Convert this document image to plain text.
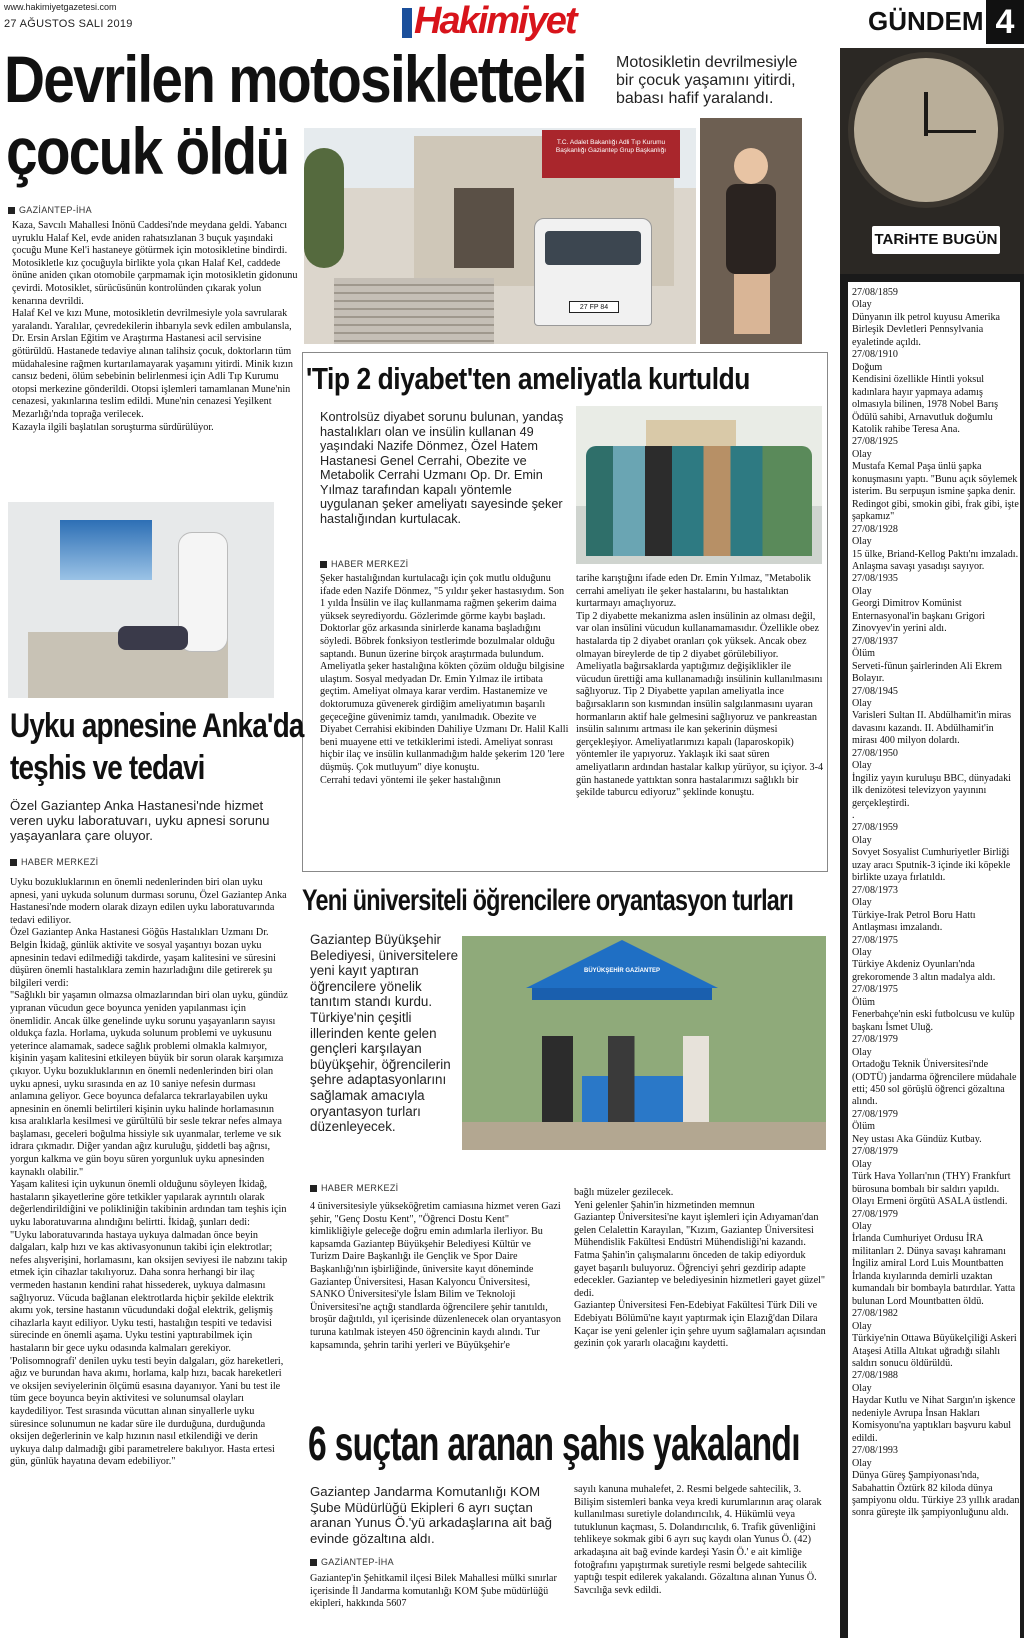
www.hakimiyetgazetesi.com
27 AĞUSTOS SALI 2019	Hakimiyet	GÜNDEM 4
Devrilen motosikletteki
çocuk öldü
Motosikletin devrilmesiyle bir çocuk yaşamını yitirdi, babası hafif yaralandı.
GAZİANTEP-İHA
Kaza, Savcılı Mahallesi İnönü Caddesi'nde meydana geldi. Yabancı uyruklu Halaf Kel, evde aniden rahatsızlanan 3 buçuk yaşındaki çocuğu Mune Kel'i hastaneye götürmek için motosikletine bindirdi. Motosikletle kız çocuğuyla birlikte yola çıkan Halaf Kel, caddede önüne aniden çıkan otomobile çarpmamak için motosikletin gidonunu çevirdi. Motosiklet, sürücüsünün kontrolünden çıkarak yolun kenarına devrildi.
Halaf Kel ve kızı Mune, motosikletin devrilmesiyle yola savrularak yaralandı. Yaralılar, çevredekilerin ihbarıyla sevk edilen ambulansla, Dr. Ersin Arslan Eğitim ve Araştırma Hastanesi acil servisine götürüldü. Hastanede tedaviye alınan talihsiz çocuk, doktorların tüm müdahalesine rağmen kurtarılamayarak yaşamını yitirdi. Minik kızın cansız bedeni, ölüm sebebinin belirlenmesi için Adli Tıp Kurumu otopsi merkezine gönderildi. Otopsi işlemleri tamamlanan Mune'nin cenazesi, yakınlarına teslim edildi. Mune'nin cenazesi Yeşilkent Mezarlığı'nda toprağa verilecek.
Kazayla ilgili başlatılan soruşturma sürdürülüyor.
T.C. Adalet Bakanlığı Adli Tıp Kurumu Başkanlığı Gaziantep Grup Başkanlığı
27 FP 84
TARiHTE BUGÜN
27/08/1859
Olay
Dünyanın ilk petrol kuyusu Amerika Birleşik Devletleri Pennsylvania eyaletinde açıldı.
27/08/1910
Doğum
Kendisini özellikle Hintli yoksul kadınlara hayır yapmaya adamış olmasıyla bilinen, 1978 Nobel Barış Ödülü sahibi, Arnavutluk doğumlu Katolik rahibe Teresa Ana.
27/08/1925
Olay
Mustafa Kemal Paşa ünlü şapka konuşmasını yaptı. "Bunu açık söylemek isterim. Bu serpuşun ismine şapka denir. Redingot gibi, smokin gibi, frak gibi, işte şapkamız"
27/08/1928
Olay
15 ülke, Briand-Kellog Paktı'nı imzaladı. Anlaşma savaşı yasadışı sayıyor.
27/08/1935
Olay
Georgi Dimitrov Komünist Enternasyonal'in başkanı Grigori Zinovyev'in yerini aldı.
27/08/1937
Ölüm
Serveti-fünun şairlerinden Ali Ekrem Bolayır.
27/08/1945
Olay
Varisleri Sultan II. Abdülhamit'in miras davasını kazandı. II. Abdülhamit'in mirası 400 milyon dolardı.
27/08/1950
Olay
İngiliz yayın kuruluşu BBC, dünyadaki ilk denizötesi televizyon yayınını gerçekleştirdi.
.
27/08/1959
Olay
Sovyet Sosyalist Cumhuriyetler Birliği uzay aracı Sputnik-3 içinde iki köpekle birlikte uzaya fırlatıldı.
27/08/1973
Olay
Türkiye-Irak Petrol Boru Hattı Antlaşması imzalandı.
27/08/1975
Olay
Türkiye Akdeniz Oyunları'nda grekoromende 3 altın madalya aldı.
27/08/1975
Ölüm
Fenerbahçe'nin eski futbolcusu ve kulüp başkanı İsmet Uluğ.
27/08/1979
Olay
Ortadoğu Teknik Üniversitesi'nde (ODTÜ) jandarma öğrencilere müdahale etti; 450 sol görüşlü öğrenci gözaltına alındı.
27/08/1979
Ölüm
Ney ustası Aka Gündüz Kutbay.
27/08/1979
Olay
Türk Hava Yolları'nın (THY) Frankfurt bürosuna bombalı bir saldırı yapıldı. Olayı Ermeni örgütü ASALA üstlendi.
27/08/1979
Olay
İrlanda Cumhuriyet Ordusu İRA militanları 2. Dünya savaşı kahramanı İngiliz amiral Lord Luis Mountbatten İrlanda kıyılarında demirli uzaktan kumandalı bir bombayla batırdılar. Yatta bulunan Lord Mountbatten öldü.
27/08/1982
Olay
Türkiye'nin Ottawa Büyükelçiliği Askeri Ataşesi Atilla Altıkat uğradığı silahlı saldırı sonucu öldürüldü.
27/08/1988
Olay
Haydar Kutlu ve Nihat Sargın'ın işkence nedeniyle Avrupa İnsan Hakları Komisyonu'na yaptıkları başvuru kabul edildi.
27/08/1993
Olay
Dünya Güreş Şampiyonası'nda, Sabahattin Öztürk 82 kiloda dünya şampiyonu oldu. Türkiye 23 yıllık aradan sonra güreşte ilk şampiyonluğunu aldı.
'Tip 2 diyabet'ten ameliyatla kurtuldu
Kontrolsüz diyabet sorunu bulunan, yandaş hastalıkları olan ve insülin kullanan 49 yaşındaki Nazife Dönmez, Özel Hatem Hastanesi Genel Cerrahi, Obezite ve Metabolik Cerrahi Uzmanı Op. Dr. Emin Yılmaz tarafından kapalı yöntemle uygulanan şeker ameliyatı sayesinde şeker hastalığından kurtulacak.
HABER MERKEZİ
Şeker hastalığından kurtulacağı için çok mutlu olduğunu ifade eden Nazife Dönmez, "5 yıldır şeker hastasıydım. Son 1 yılda İnsülin ve ilaç kullanmama rağmen şekerim daima yüksek seyrediyordu. Gözlerimde görme kaybı başladı. Doktorlar göz arkasında sinirlerde kanama başladığını söyledi. Böbrek fonksiyon testlerimde bozulmalar olduğu saptandı. Bunun üzerine birçok araştırmada bulundum. Ameliyatla şeker hastalığına kökten çözüm olduğu bilgisine ulaştım. Sosyal medyadan Dr. Emin Yılmaz ile irtibata geçtim. Ameliyat olmaya karar verdim. Hastanemize ve doktorumuza güvenerek girdiğim ameliyatımın başarılı geçeceğine güvenimiz tamdı, yanılmadık. Obezite ve Diyabet Cerrahisi ekibinden Dahiliye Uzmanı Dr. Halil Kalli beni muayene etti ve tetkiklerimi istedi. Ameliyat sonrası hiçbir ilaç ve insülin kullanmadığım halde şekerim 120 'lere düşmüş. Çok mutluyum" diye konuştu.
Cerrahi tedavi yöntemi ile şeker hastalığının
tarihe karıştığını ifade eden Dr. Emin Yılmaz, "Metabolik cerrahi ameliyatı ile şeker hastalarını, bu hastalıktan kurtarmayı amaçlıyoruz.
Tip 2 diyabette mekanizma aslen insülinin az olması değil, var olan insülini vücudun kullanamamasıdır. Özellikle obez hastalarda tip 2 diyabet oranları çok yüksek. Ancak obez olmayan bireylerde de tip 2 diyabet görülebiliyor. Ameliyatla bağırsaklarda yaptığımız değişiklikler ile vücudun ürettiği ama kullanamadığı insülinin kullanılmasını sağlıyoruz. Tip 2 Diyabette yapılan ameliyatla ince bağırsakların son kısmından insülin salgılanmasını uyaran hormanların aktif hale gelmesini sağlıyoruz ve pankreastan insülin salınımı artması ile kan şekerinin düşmesi gerçekleşiyor. Ameliyatlarımızı kapalı (laparoskopik) yöntemler ile yapıyoruz. Yaklaşık iki saat süren ameliyatların ardından hastalar kalkıp yürüyor, su içiyor. 3-4 gün hastanede yattıktan sonra hastalarımızı sağlıklı bir şekilde taburcu ediyoruz" şeklinde konuştu.
Uyku apnesine Anka'da
teşhis ve tedavi
Özel Gaziantep Anka Hastanesi'nde hizmet veren uyku laboratuvarı, uyku apnesi sorunu yaşayanlara çare oluyor.
HABER MERKEZİ
Uyku bozukluklarının en önemli nedenlerinden biri olan uyku apnesi, yani uykuda solunum durması sorunu, Özel Gaziantep Anka Hastanesi'nde modern olarak dizayn edilen uyku laboratuvarında tedavi ediliyor.
Özel Gaziantep Anka Hastanesi Göğüs Hastalıkları Uzmanı Dr. Belgin İkidağ, günlük aktivite ve sosyal yaşantıyı bozan uyku apnesinin tedavi edilmediği takdirde, yaşam kalitesini ve süresini düşüren önemli hastalıklara zemin hazırladığını dile getirerek şu bilgileri verdi:
"Sağlıklı bir yaşamın olmazsa olmazlarından biri olan uyku, gündüz yıpranan vücudun gece boyunca yeniden yapılanması için önemlidir. Ancak ülke genelinde uyku sorunu yaşayanların sayısı oldukça fazla. Horlama, uykuda solunum problemi ve uykusunu yeterince alamamak, sadece sağlık problemi olmakla kalmıyor, kişinin yaşam kalitesini etkileyen büyük bir sorun olarak karşımıza çıkıyor. Uyku bozukluklarının en önemli nedenlerinden biri olan uyku apnesi, uyku sırasında en az 10 saniye nefesin durması anlamına geliyor. Gece boyunca defalarca tekrarlayabilen uyku apnesinin en önemli belirtileri kişinin uyku halinde horlamasının kısa aralıklarla kesilmesi ve gürültülü bir sesle tekrar nefes almaya başlaması, geceleri boğulma hissiyle sık uyanmalar, terleme ve sık idrara çıkmadır. Diğer yandan ağız kuruluğu, şiddetli baş ağrısı, yorgun kalkma ve gün boyu süren yorgunluk uyku apnesinden kaynaklı olabilir."
Yaşam kalitesi için uykunun önemli olduğunu söyleyen İkidağ, hastaların şikayetlerine göre tetkikler yapılarak ayrıntılı olarak değerlendirildiğini ve polikliniğin takibinin ardından tam teşhis için uyku laboratuvarına alındığını belirtti. İkidağ, şunları dedi:
"Uyku laboratuvarında hastaya uykuya dalmadan önce beyin dalgaları, kalp hızı ve kas aktivasyonunun takibi için elektrotlar; nefes alışverişini, horlamasını, kan oksijen seviyesi ile nabzını takip etmek için cihazlar takılıyoruz. Daha sonra herhangi bir ilaç vermeden hastanın kendini rahat hissederek, uykuya dalmasını sağlıyoruz. Vücuda bağlanan elektrotlarda hiçbir şekilde elektrik akımı yok, tersine hastanın vücudundaki doğal elektrik, gelişmiş cihazlarla kayıt ediliyor. Uyku testi, hastalığın tespiti ve tedavisi sürecinde en önemli aşama. Uyku testini yaptırabilmek için hastaların bir gece uyku odasında kalmaları gerekiyor. 'Polisomnografi' denilen uyku testi beyin dalgaları, göz hareketleri, ağız ve burundan hava akımı, horlama, kalp hızı, bacak hareketleri ve oksijen seviyelerinin ölçümü esasına dayanıyor. Yani bu test ile tüm gece boyunca beyin aktivitesi ve solunumsal olayları kaydediliyor. Test sırasında vücuttan alınan sinyallerle uyku süresince solunumun ne kadar süre ile durduğuna, durduğunda oksijen değerlerinin ve kalp hızının nasıl etkilendiği ve derin uykuya dalıp dalmadığı gibi parametrelere bakılıyor. Hasta ertesi gün, günlük hayatına devam edebiliyor."
Yeni üniversiteli öğrencilere oryantasyon turları
Gaziantep Büyükşehir Belediyesi, üniversitelere yeni kayıt yaptıran öğrencilere yönelik tanıtım standı kurdu. Türkiye'nin çeşitli illerinden kente gelen gençleri karşılayan büyükşehir, öğrencilerin şehre adaptasyonlarını sağlamak amacıyla oryantasyon turları düzenleyecek.
BÜYÜKŞEHİR GAZİANTEP
HABER MERKEZİ
4 üniversitesiyle yükseköğretim camiasına hizmet veren Gazi şehir, "Genç Dostu Kent", "Öğrenci Dostu Kent" kimlikliğiyle geleceğe doğru emin adımlarla ilerliyor. Bu kapsamda Gaziantep Büyükşehir Belediyesi Kültür ve Turizm Daire Başkanlığı ile Gençlik ve Spor Daire Başkanlığı'nın işbirliğinde, üniversite kayıt döneminde Gaziantep Üniversitesi, Hasan Kalyoncu Üniversitesi, SANKO Üniversitesi'yle İslam Bilim ve Teknoloji Üniversitesi'ne açtığı standlarda öğrencilere şehir tanıtıldı, broşür dağıtıldı, yıl içerisinde düzenlenecek olan oryantasyon turuna katılmak isteyen 450 öğrencinin kaydı alındı. Tur kapsamında, şehrin tarihi yerleri ve Büyükşehir'e
bağlı müzeler gezilecek.
Yeni gelenler Şahin'in hizmetinden memnun
Gaziantep Üniversitesi'ne kayıt işlemleri için Adıyaman'dan gelen Celalettin Karayılan, "Kızım, Gaziantep Üniversitesi Mühendislik Fakültesi Endüstri Mühendisliği'ni kazandı. Fatma Şahin'in çalışmalarını önceden de takip ediyorduk gayet başarılı buluyoruz. Öğrenciyi şehri gezdirip adapte edecekler. Gaziantep ve belediyesinin hizmetleri gayet güzel" dedi.
Gaziantep Üniversitesi Fen-Edebiyat Fakültesi Türk Dili ve Edebiyatı Bölümü'ne kayıt yaptırmak için Elazığ'dan Dilara Kaçar ise yeni gelenler için şehre uyum sağlamaları açısından gezinin çok yararlı olacağını kaydetti.
6 suçtan aranan şahıs yakalandı
Gaziantep Jandarma Komutanlığı KOM Şube Müdürlüğü Ekipleri 6 ayrı suçtan aranan Yunus Ö.'yü arkadaşlarına ait bağ evinde gözaltına aldı.
GAZİANTEP-İHA
Gaziantep'in Şehitkamil ilçesi Bilek Mahallesi mülki sınırlar içerisinde İl Jandarma komutanlığı KOM Şube müdürlüğü ekipleri, hakkında 5607
sayılı kanuna muhalefet, 2. Resmi belgede sahtecilik, 3. Bilişim sistemleri banka veya kredi kurumlarının araç olarak kullanılması suretiyle dolandırıcılık, 4. Hükümlü veya tutuklunun kaçması, 5. Dolandırıcılık, 6. Trafik güvenliğini tehlikeye sokmak gibi 6 ayrı suç kaydı olan Yunus Ö. (42) arkadaşına ait bağ evinde kardeşi Yasin Ö.' e ait kimliğe fotoğrafını yapıştırmak suretiyle resmi belgede sahtecilik yaptığı tespit edilerek yakalandı. Gözaltına alınan Yunus Ö. Savcılığa sevk edildi.
